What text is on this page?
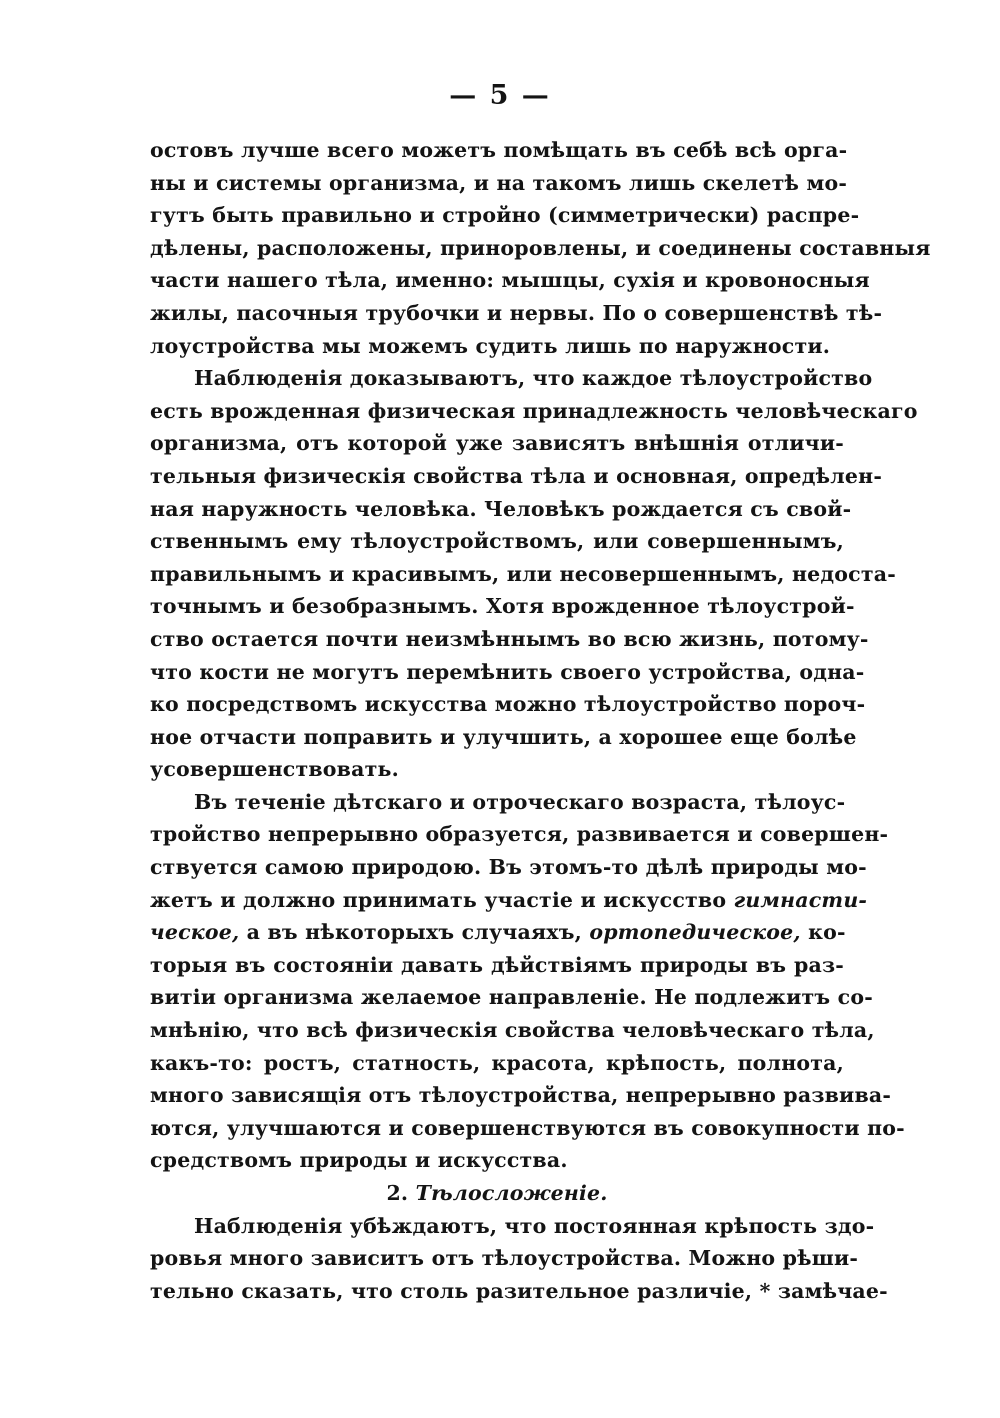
— 5 —
остовъ лучше всего можетъ помѣщать въ себѣ всѣ орга-
ны и системы организма, и на такомъ лишь скелетѣ мо-
гутъ быть правильно и стройно (симметрически) распре-
дѣлены, расположены, приноровлены, и соединены составныя
части нашего тѣла, именно: мышцы, сухія и кровоносныя
жилы, пасочныя трубочки и нервы. По о совершенствѣ тѣ-
лоустройства мы можемъ судить лишь по наружности.
Наблюденія доказываютъ, что каждое тѣлоустройство
есть врожденная физическая принадлежность человѣческаго
организма, отъ которой уже зависятъ внѣшнія отличи-
тельныя физическія свойства тѣла и основная, опредѣлен-
ная наружность человѣка. Человѣкъ рождается съ свой-
ственнымъ ему тѣлоустройствомъ, или совершеннымъ,
правильнымъ и красивымъ, или несовершеннымъ, недоста-
точнымъ и безобразнымъ. Хотя врожденное тѣлоустрой-
ство остается почти неизмѣннымъ во всю жизнь, потому-
что кости не могутъ перемѣнить своего устройства, одна-
ко посредствомъ искусства можно тѣлоустройство пороч-
ное отчасти поправить и улучшить, а хорошее еще болѣе
усовершенствовать.
Въ теченіе дѣтскаго и отроческаго возраста, тѣлоус-
тройство непрерывно образуется, развивается и совершен-
ствуется самою природою. Въ этомъ-то дѣлѣ природы мо-
жетъ и должно принимать участіе и искусство гимнасти-
ческое, а въ нѣкоторыхъ случаяхъ, ортопедическое, ко-
торыя въ состояніи давать дѣйствіямъ природы въ раз-
витіи организма желаемое направленіе. Не подлежитъ со-
мнѣнію, что всѣ физическія свойства человѣческаго тѣла,
какъ-то: ростъ, статность, красота, крѣпость, полнота,
много зависящія отъ тѣлоустройства, непрерывно развива-
ются, улучшаются и совершенствуются въ совокупности по-
средствомъ природы и искусства.
2. Тѣлосложеніе.
Наблюденія убѣждаютъ, что постоянная крѣпость здо-
ровья много зависитъ отъ тѣлоустройства. Можно рѣши-
тельно сказать, что столь разительное различіе, * замѣчае-
